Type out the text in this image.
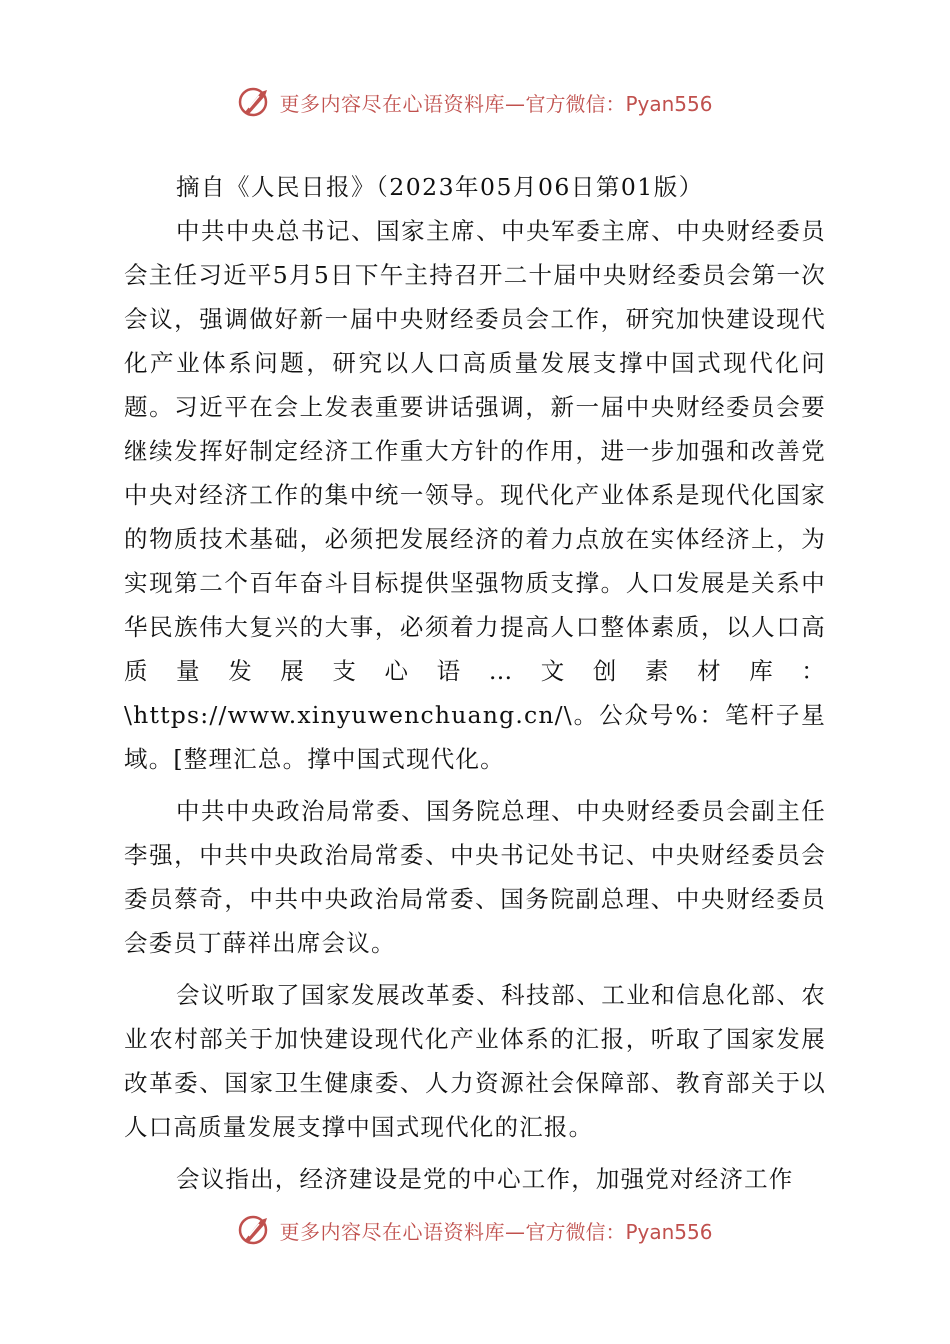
更多内容尽在心语资料库— 官方微信：Pyan556

摘自《人民日报》（2023年05月06日第01版）

中共中央总书记、国家主席、中央军委主席、中央财经委员会主任习近平5月5日下午主持召开二十届中央财经委员会第一次会议，强调做好新一届中央财经委员会工作，研究加快建设现代化产业体系问题，研究以人口高质量发展支撑中国式现代化问题。习近平在会上发表重要讲话强调，新一届中央财经委员会要继续发挥好制定经济工作重大方针的作用，进一步加强和改善党中央对经济工作的集中统一领导。现代化产业体系是现代化国家的物质技术基础，必须把发展经济的着力点放在实体经济上，为实现第二个百年奋斗目标提供坚强物质支撑。人口发展是关系中华民族伟大复兴的大事，必须着力提高人口整体素质，以人口高质量发展支心语…文创素材库：\https://www.xinyuwenchuang.cn/\。公众号%：笔杆子星域。[整理汇总。撑中国式现代化。

中共中央政治局常委、国务院总理、中央财经委员会副主任李强，中共中央政治局常委、中央书记处书记、中央财经委员会委员蔡奇，中共中央政治局常委、国务院副总理、中央财经委员会委员丁薛祥出席会议。

会议听取了国家发展改革委、科技部、工业和信息化部、农业农村部关于加快建设现代化产业体系的汇报，听取了国家发展改革委、国家卫生健康委、人力资源社会保障部、教育部关于以人口高质量发展支撑中国式现代化的汇报。

会议指出，经济建设是党的中心工作，加强党对经济工作

更多内容尽在心语资料库— 官方微信：Pyan556
